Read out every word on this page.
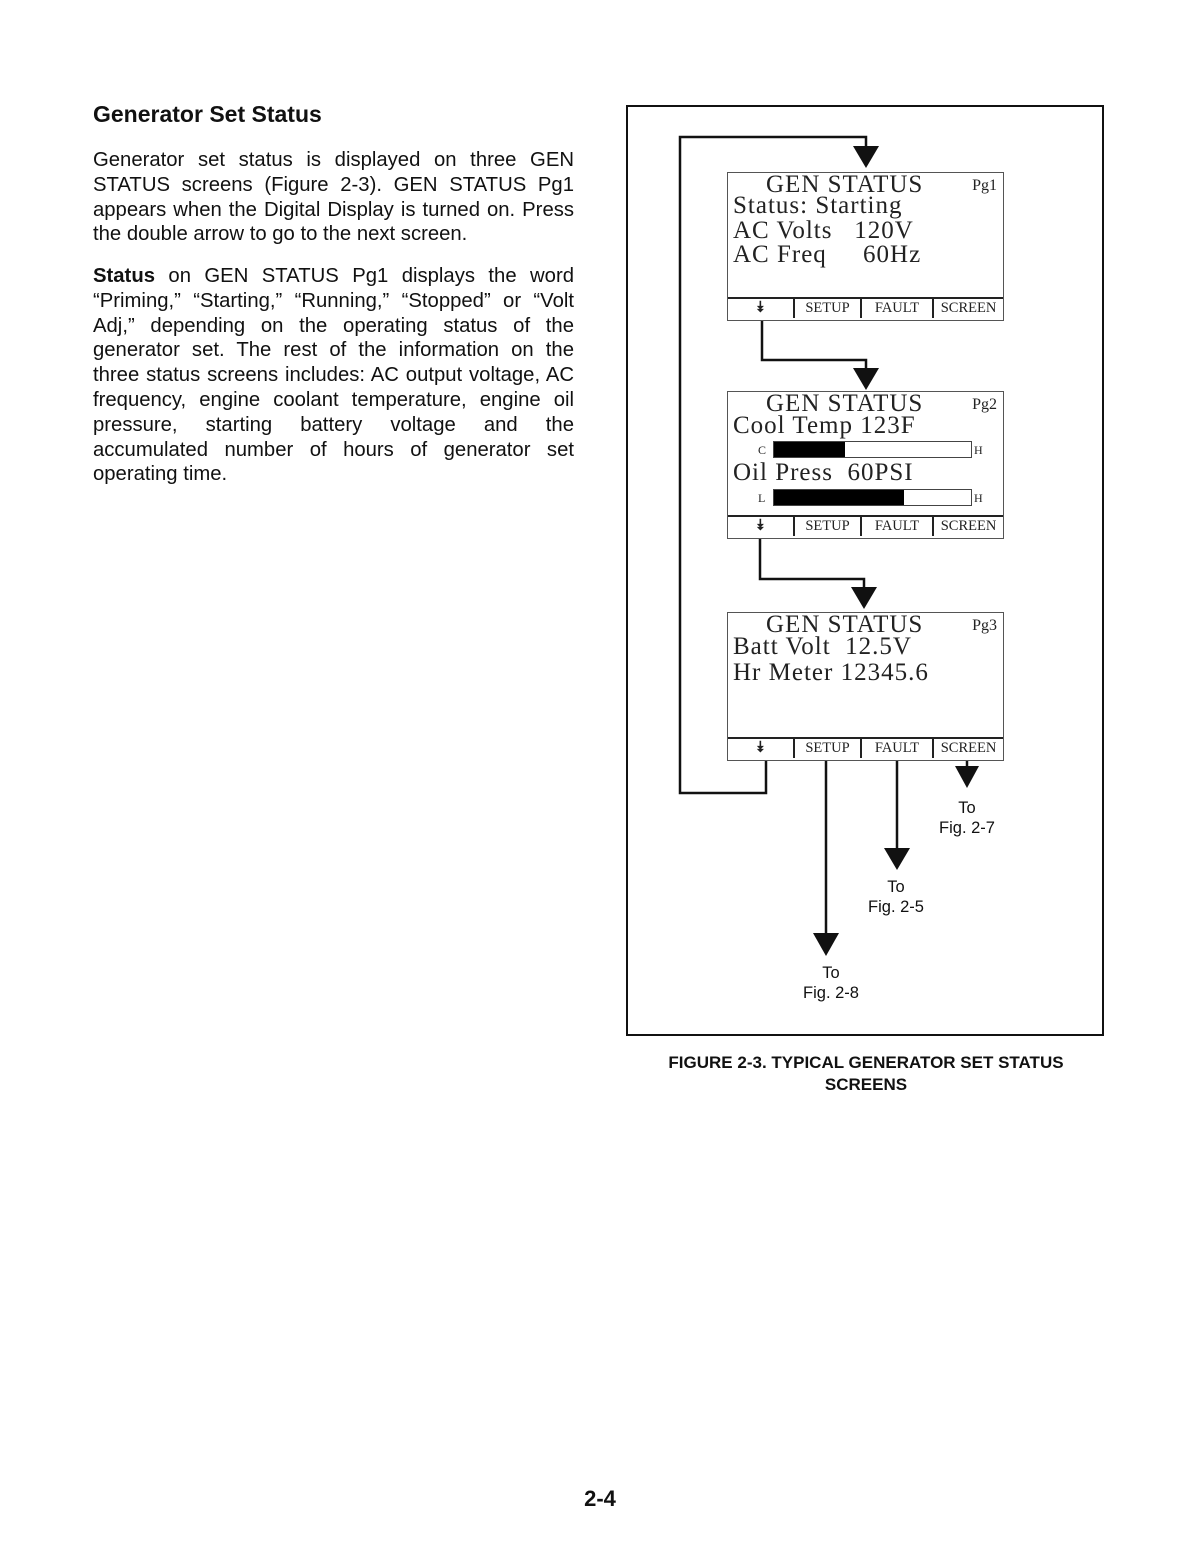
Generator Set Status
Generator set status is displayed on three GEN STATUS screens (Figure 2-3). GEN STATUS Pg1 appears when the Digital Display is turned on. Press the double arrow to go to the next screen.
Status on GEN STATUS Pg1 displays the word “Priming,” “Starting,” “Running,” “Stopped” or “Volt Adj,” depending on the operating status of the generator set. The rest of the information on the three status screens includes: AC output voltage, AC frequency, engine coolant temperature, engine oil pressure, starting battery voltage and the accumulated number of hours of generator set operating time.
GEN STATUS	Pg1
Status: Starting
AC Volts   120V
AC Freq     60Hz
⯯	SETUP	FAULT	SCREEN
GEN STATUS	Pg2
Cool Temp 123F
C	H
Oil Press  60PSI
L	H
⯯	SETUP	FAULT	SCREEN
GEN STATUS	Pg3
Batt Volt  12.5V
Hr Meter 12345.6
⯯	SETUP	FAULT	SCREEN
To
Fig. 2-7
To
Fig. 2-5
To
Fig. 2-8
FIGURE 2-3. TYPICAL GENERATOR SET STATUS
SCREENS
2-4
